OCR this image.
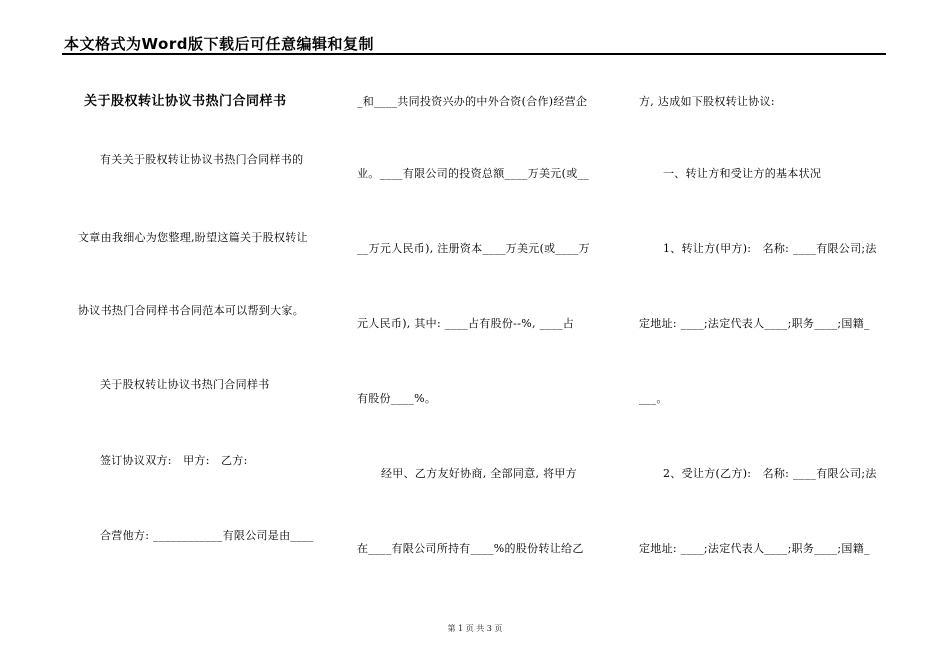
本文格式为Word版下载后可任意编辑和复制
关于股权转让协议书热门合同样书
有关关于股权转让协议书热门合同样书的
文章由我细心为您整理,盼望这篇关于股权转让
协议书热门合同样书合同范本可以帮到大家。
关于股权转让协议书热门合同样书
签订协议双方:　甲方:　乙方:
合营他方: ____________有限公司是由____
_和____共同投资兴办的中外合资(合作)经营企
业。____有限公司的投资总额____万美元(或__
__万元人民币), 注册资本____万美元(或____万
元人民币), 其中: ____占有股份--%, ____占
有股份____%。
经甲、乙方友好协商, 全部同意, 将甲方
在____有限公司所持有____%的股份转让给乙
方, 达成如下股权转让协议:
一、转让方和受让方的基本状况
1、转让方(甲方):　名称: ____有限公司;法
定地址: ____;法定代表人____;职务____;国籍_
___。
2、受让方(乙方):　名称: ____有限公司;法
定地址: ____;法定代表人____;职务____;国籍_
第 1 页 共 3 页
